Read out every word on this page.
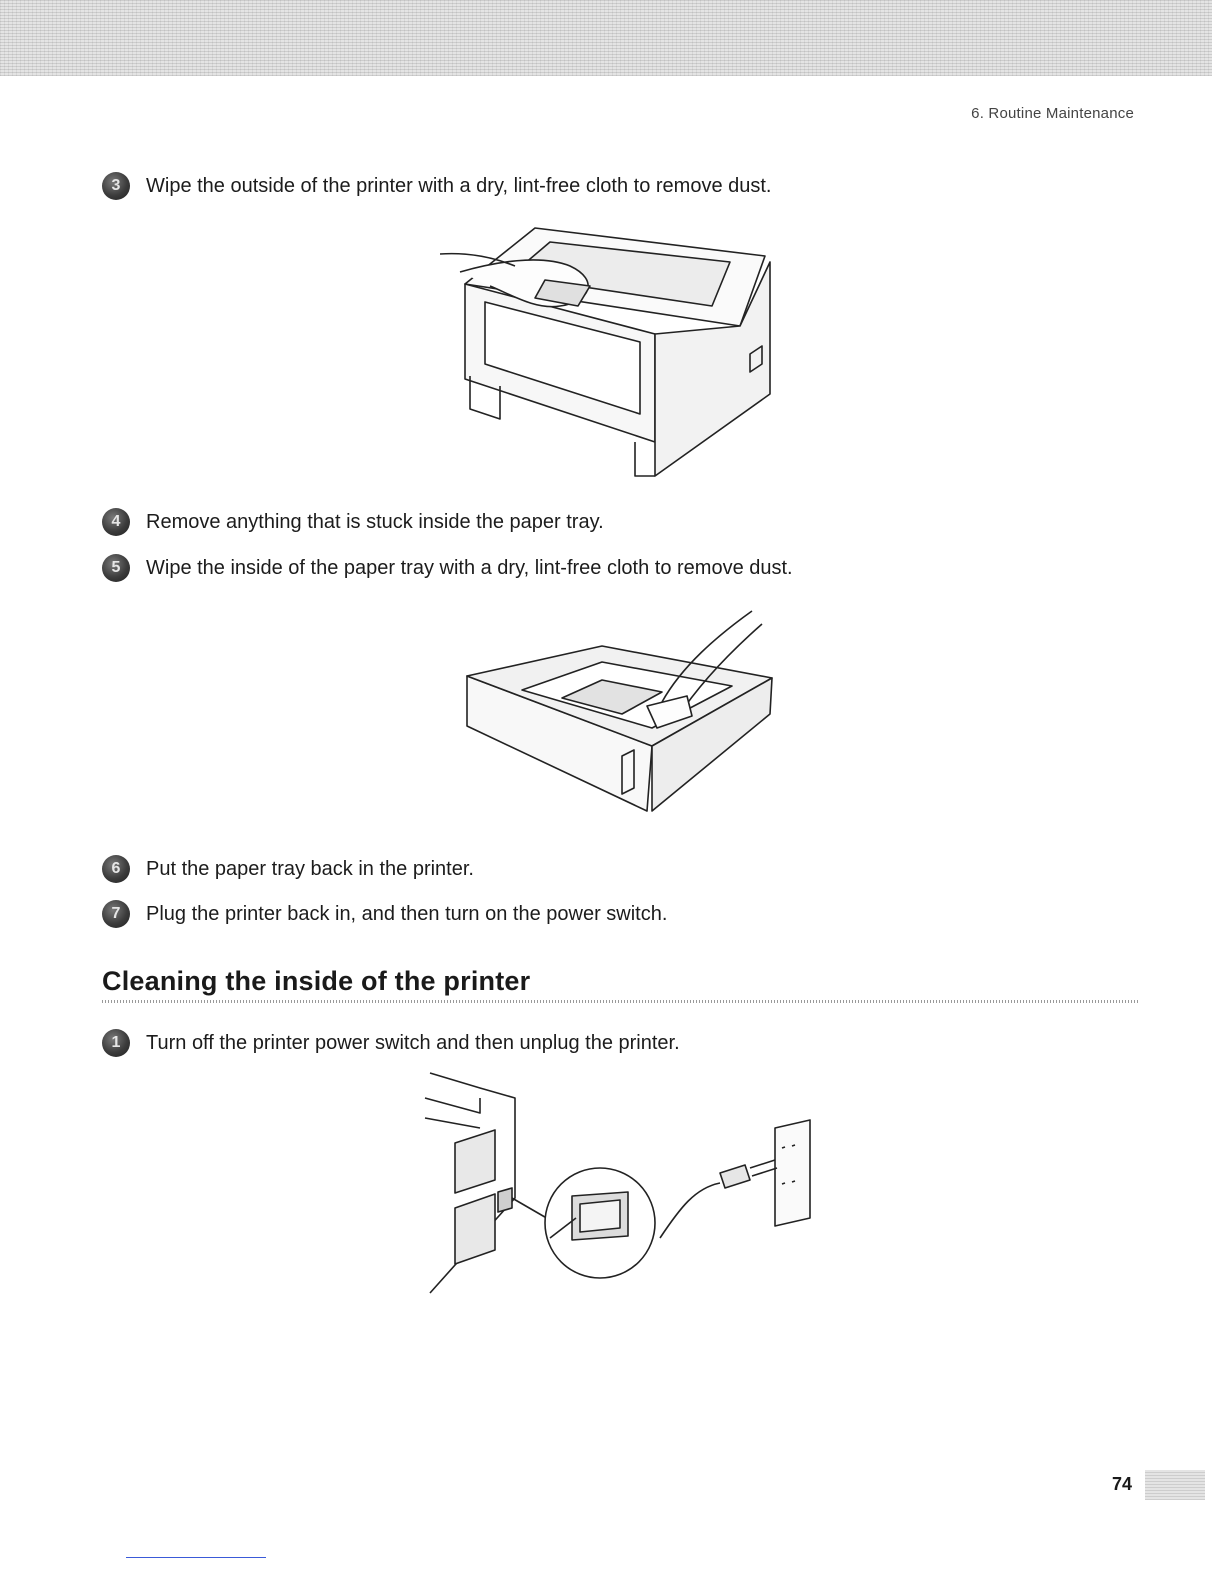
6. Routine Maintenance
3	Wipe the outside of the printer with a dry, lint-free cloth to remove dust.
4	Remove anything that is stuck inside the paper tray.
5	Wipe the inside of the paper tray with a dry, lint-free cloth to remove dust.
6	Put the paper tray back in the printer.
7	Plug the printer back in, and then turn on the power switch.
Cleaning the inside of the printer
1	Turn off the printer power switch and then unplug the printer.
74
